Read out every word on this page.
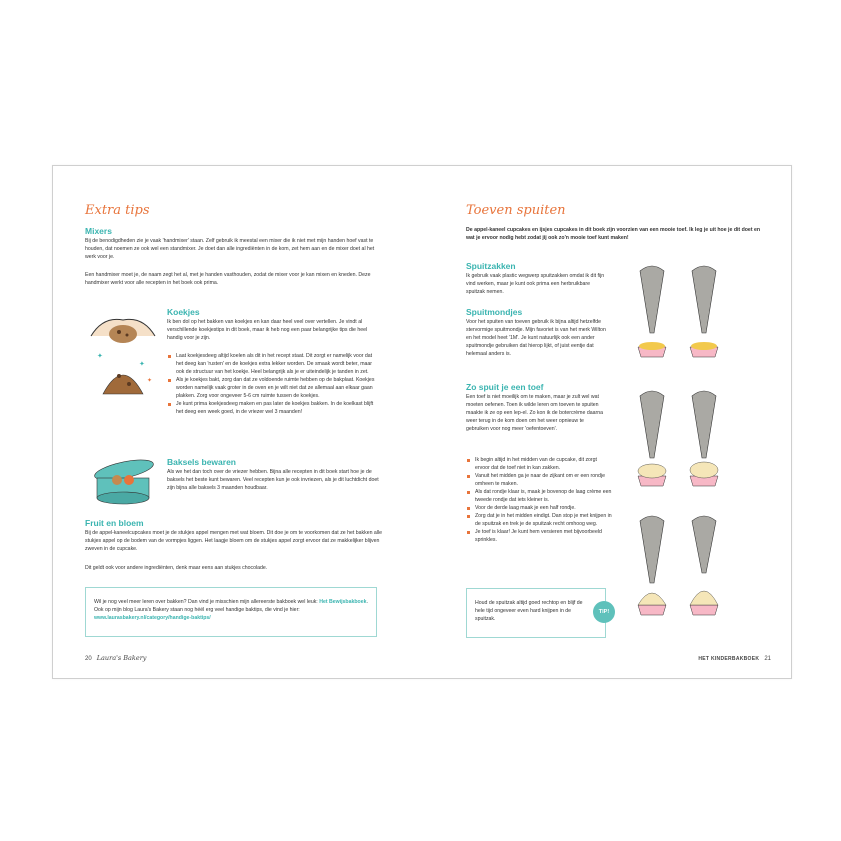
Extra tips
Mixers
Bij de benodigdheden zie je vaak 'handmixer' staan. Zelf gebruik ik meestal een mixer die ik niet met mijn handen hoef vast te houden, dat noemen ze ook wel een standmixer. Je doet dan alle ingrediënten in de kom, zet hem aan en de mixer doet al het werk voor je.
Een handmixer moet je, de naam zegt het al, met je handen vasthouden, zodat de mixer voor je kan mixen en kneden. Deze handmixer werkt voor alle recepten in het boek ook prima.
✦
✦
✦
Koekjes
Ik ben dol op het bakken van koekjes en kan daar heel veel over vertellen. Je vindt al verschillende koekjestips in dit boek, maar ik heb nog een paar belangrijke tips die heel handig voor je zijn.
Laat koekjesdeeg altijd koelen als dit in het recept staat. Dit zorgt er namelijk voor dat het deeg kan 'rusten' en de koekjes extra lekker worden. De smaak wordt beter, maar ook de structuur van het koekje. Heel belangrijk als je er uiteindelijk je tanden in zet.
Als je koekjes bakt, zorg dan dat ze voldoende ruimte hebben op de bakplaat. Koekjes worden namelijk vaak groter in de oven en je wilt niet dat ze allemaal aan elkaar gaan plakken. Zorg voor ongeveer 5-6 cm ruimte tussen de koekjes.
Je kunt prima koekjesdeeg maken en pas later de koekjes bakken. In de koelkast blijft het deeg een week goed, in de vriezer wel 3 maanden!
Baksels bewaren
Als we het dan toch over de vriezer hebben. Bijna alle recepten in dit boek start hoe je de baksels het beste kunt bewaren. Veel recepten kun je ook invriezen, als je dit luchtdicht doet zijn bijna alle baksels 3 maanden houdbaar.
Fruit en bloem
Bij de appel-kaneelcupcakes moet je de stukjes appel mengen met wat bloem. Dit doe je om te voorkomen dat ze het bakken alle stukjes appel op de bodem van de vormpjes liggen. Het laagje bloem om de stukjes appel zorgt ervoor dat ze makkelijker blijven zweven in de cupcake.
Dit geldt ook voor andere ingrediënten, denk maar eens aan stukjes chocolade.
Wil je nog veel meer leren over bakken? Dan vind je misschien mijn allereerste bakboek wel leuk: Het Bewijsbakboek. Ook op mijn blog Laura's Bakery staan nog héél erg veel handige baktips, die vind je hier: www.laurasbakery.nl/category/handige-baktips/
20 Laura's Bakery
Toeven spuiten
De appel-kaneel cupcakes en ijsjes cupcakes in dit boek zijn voorzien van een mooie toef. Ik leg je uit hoe je dit doet en wat je ervoor nodig hebt zodat jij ook zo'n mooie toef kunt maken!
Spuitzakken
Ik gebruik vaak plastic wegwerp spuitzakken omdat ik dit fijn vind werken, maar je kunt ook prima een herbruikbare spuitzak nemen.
Spuitmondjes
Voor het spuiten van toeven gebruik ik bijna altijd hetzelfde stervormige spuitmondje. Mijn favoriet is van het merk Wilton en het model heet '1M'. Je kunt natuurlijk ook een ander spuitmondje gebruiken dat hierop lijkt, of juist eentje dat helemaal anders is.
Zo spuit je een toef
Een toef is niet moeilijk om te maken, maar je zult wel wat moeten oefenen. Toen ik wilde leren om toeven te spuiten maakte ik ze op een lep-el. Zo kon ik de botercrème daarna weer terug in de kom doen om het weer opnieuw te gebruiken voor nog meer 'oefentoeven'.
Ik begin altijd in het midden van de cupcake, dit zorgt ervoor dat de toef niet in kan zakken.
Vanuit het midden ga je naar de zijkant om er een rondje omheen te maken.
Als dat rondje klaar is, maak je bovenop de laag crème een tweede rondje dat iets kleiner is.
Voor de derde laag maak je een half rondje.
Zorg dat je in het midden eindigt. Dan stop je met knijpen in de spuitzak en trek je de spuitzak recht omhoog weg.
Je toef is klaar! Je kunt hem versieren met bijvoorbeeld sprinkles.
Houd de spuitzak altijd goed rechtop en blijf de hele tijd ongeveer even hard knijpen in de spuitzak.
TIP!
HET KINDERBAKBOEK 21
